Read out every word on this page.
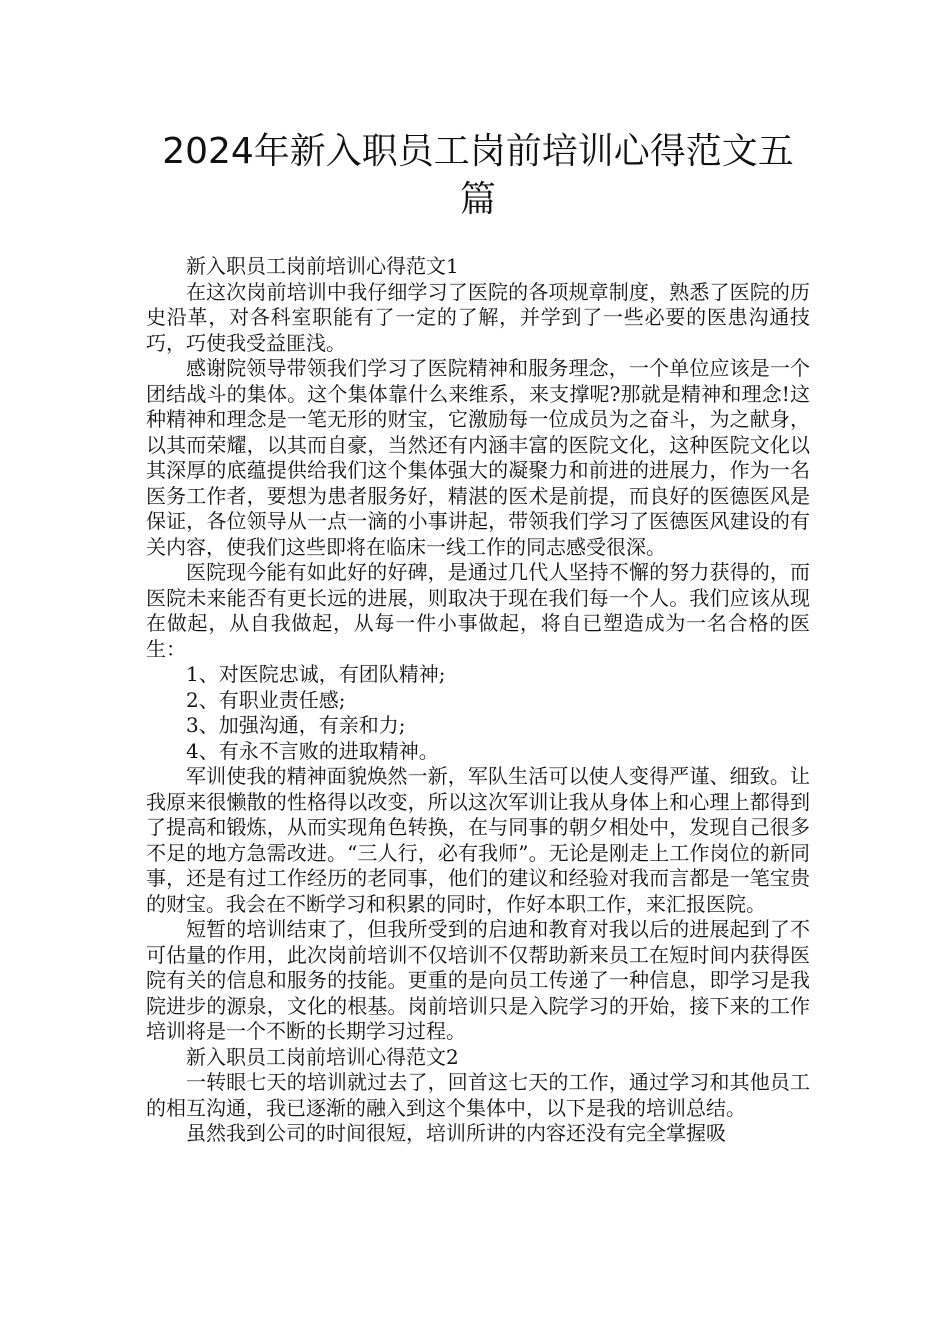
2024年新入职员工岗前培训心得范文五篇

新入职员工岗前培训心得范文1

在这次岗前培训中我仔细学习了医院的各项规章制度，熟悉了医院的历史沿革，对各科室职能有了一定的了解，并学到了一些必要的医患沟通技巧，巧使我受益匪浅。

感谢院领导带领我们学习了医院精神和服务理念，一个单位应该是一个团结战斗的集体。这个集体靠什么来维系，来支撑呢?那就是精神和理念!这种精神和理念是一笔无形的财宝，它激励每一位成员为之奋斗，为之献身，以其而荣耀，以其而自豪，当然还有内涵丰富的医院文化，这种医院文化以其深厚的底蕴提供给我们这个集体强大的凝聚力和前进的进展力，作为一名医务工作者，要想为患者服务好，精湛的医术是前提，而良好的医德医风是保证，各位领导从一点一滴的小事讲起，带领我们学习了医德医风建设的有关内容，使我们这些即将在临床一线工作的同志感受很深。

医院现今能有如此好的好碑，是通过几代人坚持不懈的努力获得的，而医院未来能否有更长远的进展，则取决于现在我们每一个人。我们应该从现在做起，从自我做起，从每一件小事做起，将自已塑造成为一名合格的医生：

1、对医院忠诚，有团队精神;

2、有职业责任感;

3、加强沟通，有亲和力;

4、有永不言败的进取精神。

军训使我的精神面貌焕然一新，军队生活可以使人变得严谨、细致。让我原来很懒散的性格得以改变，所以这次军训让我从身体上和心理上都得到了提高和锻炼，从而实现角色转换，在与同事的朝夕相处中，发现自己很多不足的地方急需改进。“三人行，必有我师”。无论是刚走上工作岗位的新同事，还是有过工作经历的老同事，他们的建议和经验对我而言都是一笔宝贵的财宝。我会在不断学习和积累的同时，作好本职工作，来汇报医院。

短暂的培训结束了，但我所受到的启迪和教育对我以后的进展起到了不可估量的作用，此次岗前培训不仅培训不仅帮助新来员工在短时间内获得医院有关的信息和服务的技能。更重的是向员工传递了一种信息，即学习是我院进步的源泉，文化的根基。岗前培训只是入院学习的开始，接下来的工作培训将是一个不断的长期学习过程。

新入职员工岗前培训心得范文2

一转眼七天的培训就过去了，回首这七天的工作，通过学习和其他员工的相互沟通，我已逐渐的融入到这个集体中，以下是我的培训总结。

虽然我到公司的时间很短，培训所讲的内容还没有完全掌握吸
